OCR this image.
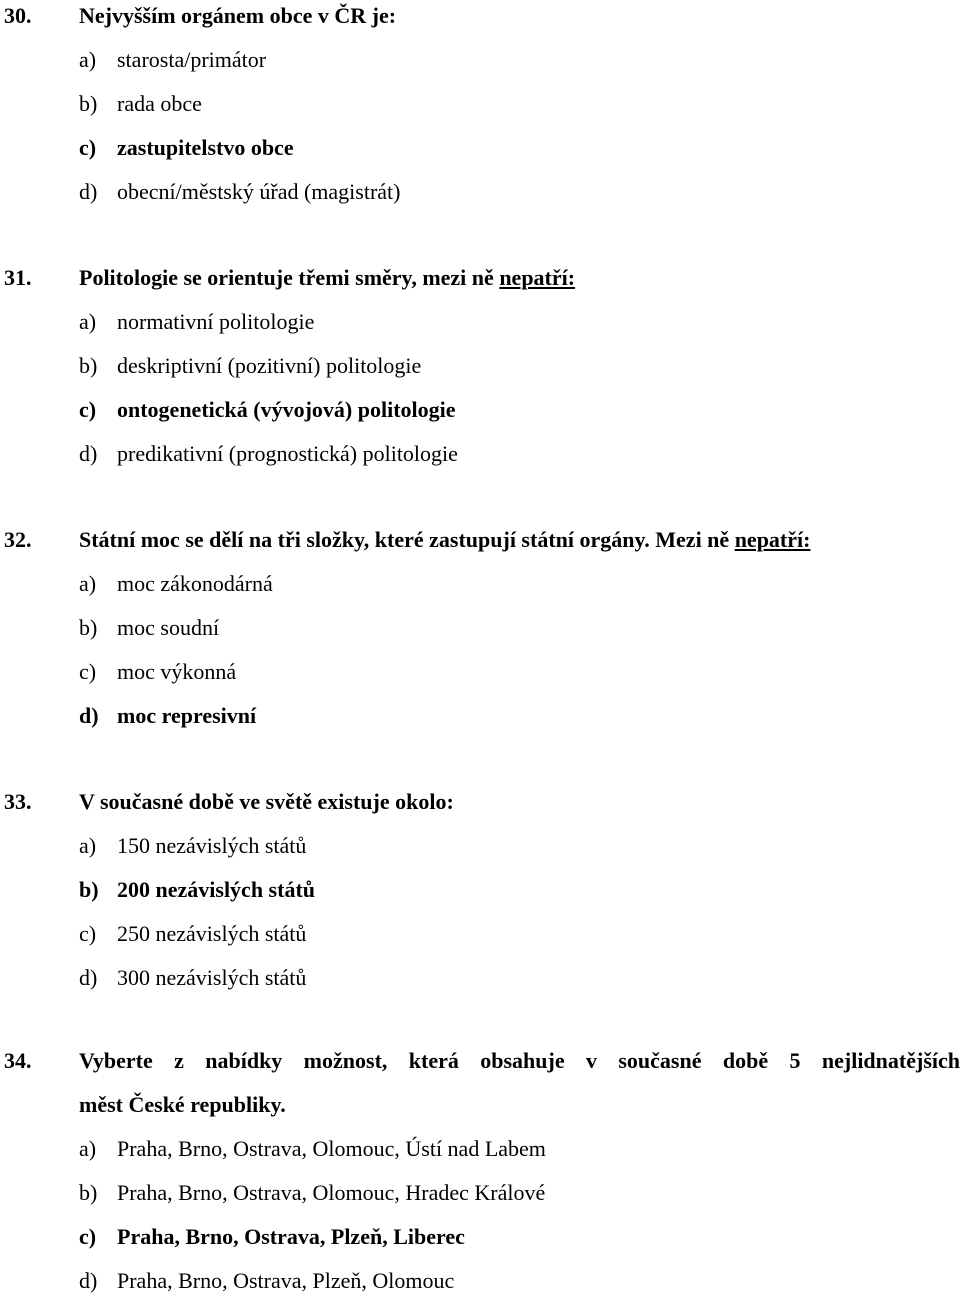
30. Nejvyšším orgánem obce v ČR je:
a) starosta/primátor
b) rada obce
c) zastupitelstvo obce
d) obecní/městský úřad (magistrát)
31. Politologie se orientuje třemi směry, mezi ně nepatří:
a) normativní politologie
b) deskriptivní (pozitivní) politologie
c) ontogenetická (vývojová) politologie
d) predikativní (prognostická) politologie
32. Státní moc se dělí na tři složky, které zastupují státní orgány. Mezi ně nepatří:
a) moc zákonodárná
b) moc soudní
c) moc výkonná
d) moc represivní
33. V současné době ve světě existuje okolo:
a) 150 nezávislých států
b) 200 nezávislých států
c) 250 nezávislých států
d) 300 nezávislých států
34. Vyberte z nabídky možnost, která obsahuje v současné době 5 nejlidnatějších
měst České republiky.
a) Praha, Brno, Ostrava, Olomouc, Ústí nad Labem
b) Praha, Brno, Ostrava, Olomouc, Hradec Králové
c) Praha, Brno, Ostrava, Plzeň, Liberec
d) Praha, Brno, Ostrava, Plzeň, Olomouc
